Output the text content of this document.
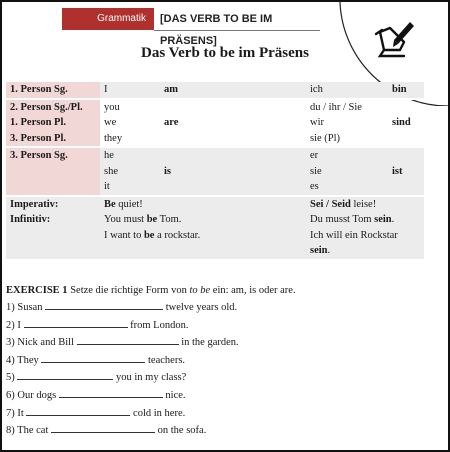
Grammatik	[DAS VERB TO BE IM PRÄSENS]
Das Verb to be im Präsens
1. Person Sg.	I	am	ich	bin

2. Person Sg./Pl.	you		du / ihr / Sie	
1. Person Pl.	we	are	wir	sind
3. Person Pl.	they		sie (Pl)	

3. Person Sg.	he		er	
	she	is	sie	ist
	it		es	

Imperativ:	Be quiet!		Sei / Seid leise!	
Infinitiv:	You must be Tom.		Du musst Tom sein.	
	I want to be a rockstar.		Ich will ein Rockstar sein.	
EXERCISE 1 Setze die richtige Form von to be ein: am, is oder are.
1) Susan	twelve years old.
2) I	from London.
3) Nick and Bill	in the garden.
4) They	teachers.
5)	you in my class?
6) Our dogs	nice.
7) It	cold in here.
8) The cat	on the sofa.
